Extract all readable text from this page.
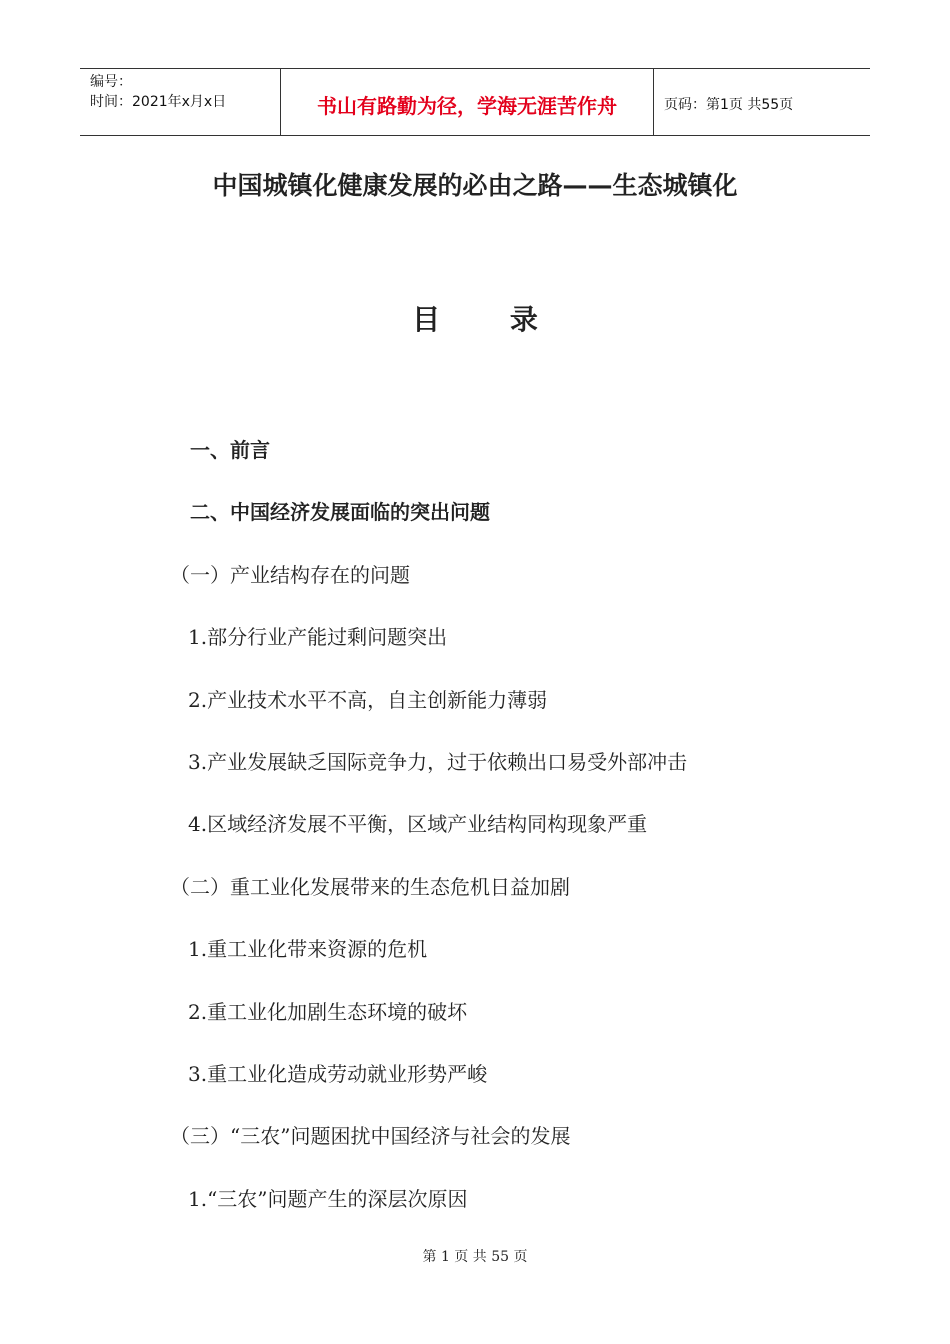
编号：
时间：2021年x月x日	书山有路勤为径，学海无涯苦作舟	页码：第1页 共55页
中国城镇化健康发展的必由之路——生态城镇化
目 录
一、前言
二、中国经济发展面临的突出问题
（一）产业结构存在的问题
1.部分行业产能过剩问题突出
2.产业技术水平不高，自主创新能力薄弱
3.产业发展缺乏国际竞争力，过于依赖出口易受外部冲击
4.区域经济发展不平衡，区域产业结构同构现象严重
（二）重工业化发展带来的生态危机日益加剧
1.重工业化带来资源的危机
2.重工业化加剧生态环境的破坏
3.重工业化造成劳动就业形势严峻
（三）“三农”问题困扰中国经济与社会的发展
1.“三农”问题产生的深层次原因
第 1 页 共 55 页
